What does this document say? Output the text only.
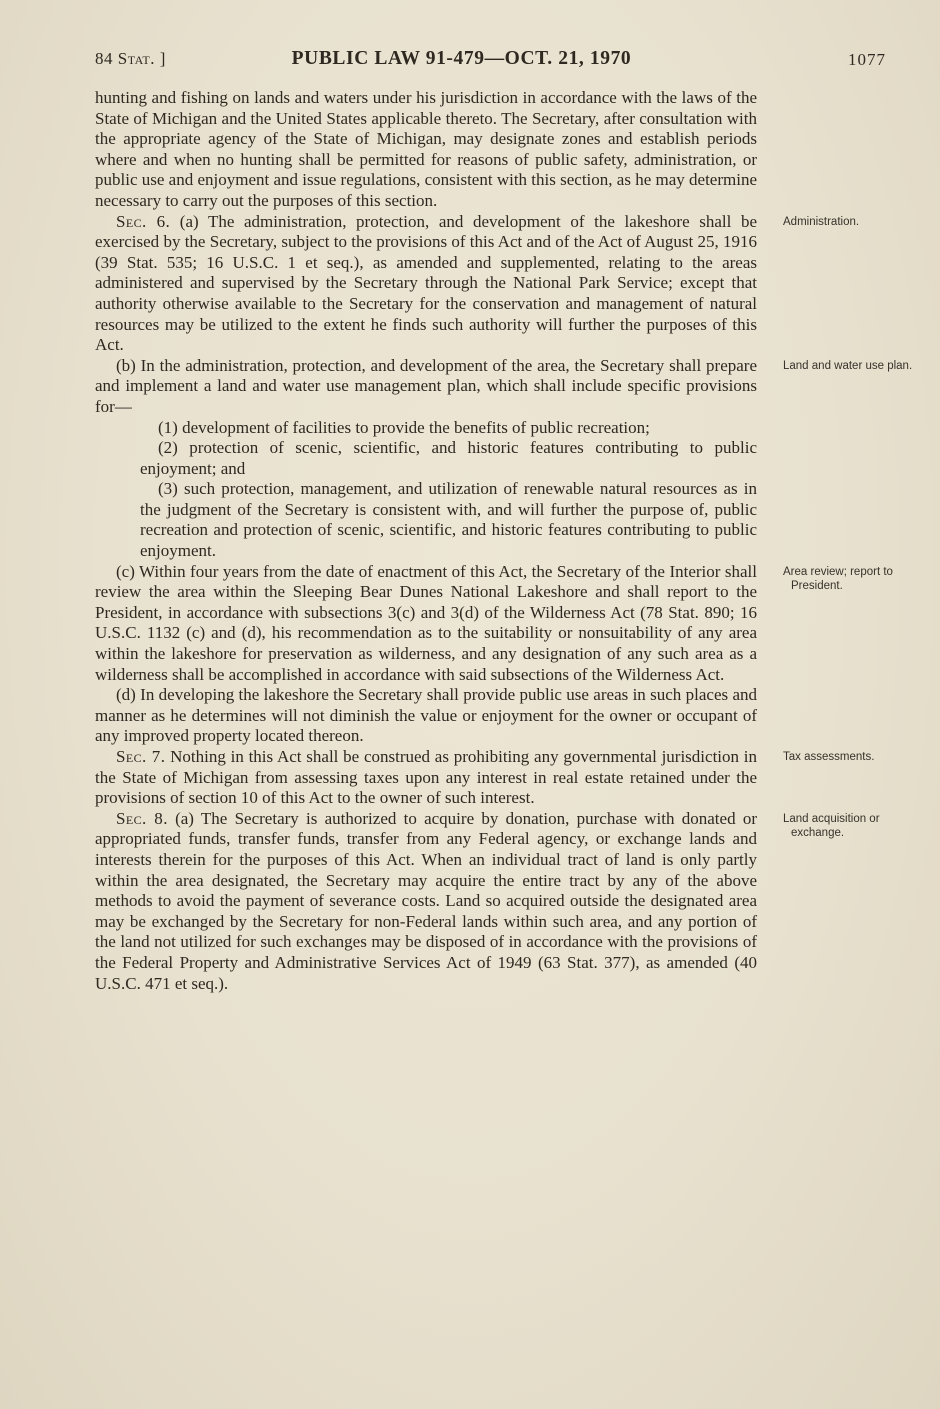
84 Stat. ]	PUBLIC LAW 91-479—OCT. 21, 1970	1077

hunting and fishing on lands and waters under his jurisdiction in accordance with the laws of the State of Michigan and the United States applicable thereto. The Secretary, after consultation with the appropriate agency of the State of Michigan, may designate zones and establish periods where and when no hunting shall be permitted for reasons of public safety, administration, or public use and enjoyment and issue regulations, consistent with this section, as he may determine necessary to carry out the purposes of this section.

Sec. 6. (a) The administration, protection, and development of the lakeshore shall be exercised by the Secretary, subject to the provisions of this Act and of the Act of August 25, 1916 (39 Stat. 535; 16 U.S.C. 1 et seq.), as amended and supplemented, relating to the areas administered and supervised by the Secretary through the National Park Service; except that authority otherwise available to the Secretary for the conservation and management of natural resources may be utilized to the extent he finds such authority will further the purposes of this Act.
Administration.

(b) In the administration, protection, and development of the area, the Secretary shall prepare and implement a land and water use management plan, which shall include specific provisions for—
Land and water use plan.

(1) development of facilities to provide the benefits of public recreation;

(2) protection of scenic, scientific, and historic features contributing to public enjoyment; and

(3) such protection, management, and utilization of renewable natural resources as in the judgment of the Secretary is consistent with, and will further the purpose of, public recreation and protection of scenic, scientific, and historic features contributing to public enjoyment.

(c) Within four years from the date of enactment of this Act, the Secretary of the Interior shall review the area within the Sleeping Bear Dunes National Lakeshore and shall report to the President, in accordance with subsections 3(c) and 3(d) of the Wilderness Act (78 Stat. 890; 16 U.S.C. 1132 (c) and (d), his recommendation as to the suitability or nonsuitability of any area within the lakeshore for preservation as wilderness, and any designation of any such area as a wilderness shall be accomplished in accordance with said subsections of the Wilderness Act.
Area review; report to President.

(d) In developing the lakeshore the Secretary shall provide public use areas in such places and manner as he determines will not diminish the value or enjoyment for the owner or occupant of any improved property located thereon.

Sec. 7. Nothing in this Act shall be construed as prohibiting any governmental jurisdiction in the State of Michigan from assessing taxes upon any interest in real estate retained under the provisions of section 10 of this Act to the owner of such interest.
Tax assessments.

Sec. 8. (a) The Secretary is authorized to acquire by donation, purchase with donated or appropriated funds, transfer funds, transfer from any Federal agency, or exchange lands and interests therein for the purposes of this Act. When an individual tract of land is only partly within the area designated, the Secretary may acquire the entire tract by any of the above methods to avoid the payment of severance costs. Land so acquired outside the designated area may be exchanged by the Secretary for non-Federal lands within such area, and any portion of the land not utilized for such exchanges may be disposed of in accordance with the provisions of the Federal Property and Administrative Services Act of 1949 (63 Stat. 377), as amended (40 U.S.C. 471 et seq.).
Land acquisition or exchange.
